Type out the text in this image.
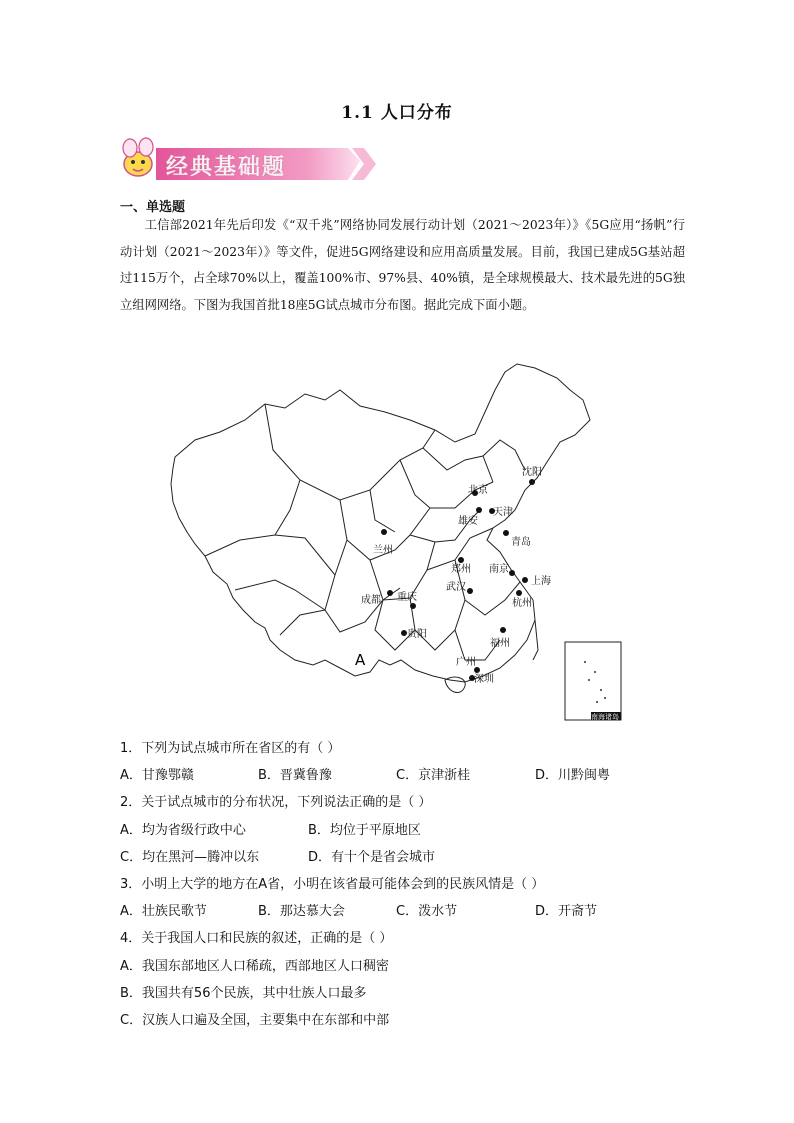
1.1 人口分布
经典基础题
一、单选题
工信部2021年先后印发《“双千兆”网络协同发展行动计划（2021～2023年）》《5G应用“扬帆”行动计划（2021～2023年）》等文件，促进5G网络建设和应用高质量发展。目前，我国已建成5G基站超过115万个，占全球70%以上，覆盖100%市、97%县、40%镇，是全球规模最大、技术最先进的5G独立组网网络。下图为我国首批18座5G试点城市分布图。据此完成下面小题。
沈阳
北京
天津
雄安
青岛
兰州
郑州 南京
上海
武汉
杭州
成都 重庆
贵阳
福州
广州
深圳
A
南海诸岛
1．下列为试点城市所在省区的有（ ）
A．甘豫鄂赣	B．晋冀鲁豫	C．京津浙桂	D．川黔闽粤
2．关于试点城市的分布状况，下列说法正确的是（ ）
A．均为省级行政中心	B．均位于平原地区
C．均在黑河—腾冲以东	D．有十个是省会城市
3．小明上大学的地方在A省，小明在该省最可能体会到的民族风情是（ ）
A．壮族民歌节	B．那达慕大会	C．泼水节	D．开斋节
4．关于我国人口和民族的叙述，正确的是（ ）
A．我国东部地区人口稀疏，西部地区人口稠密
B．我国共有56个民族，其中壮族人口最多
C．汉族人口遍及全国，主要集中在东部和中部
